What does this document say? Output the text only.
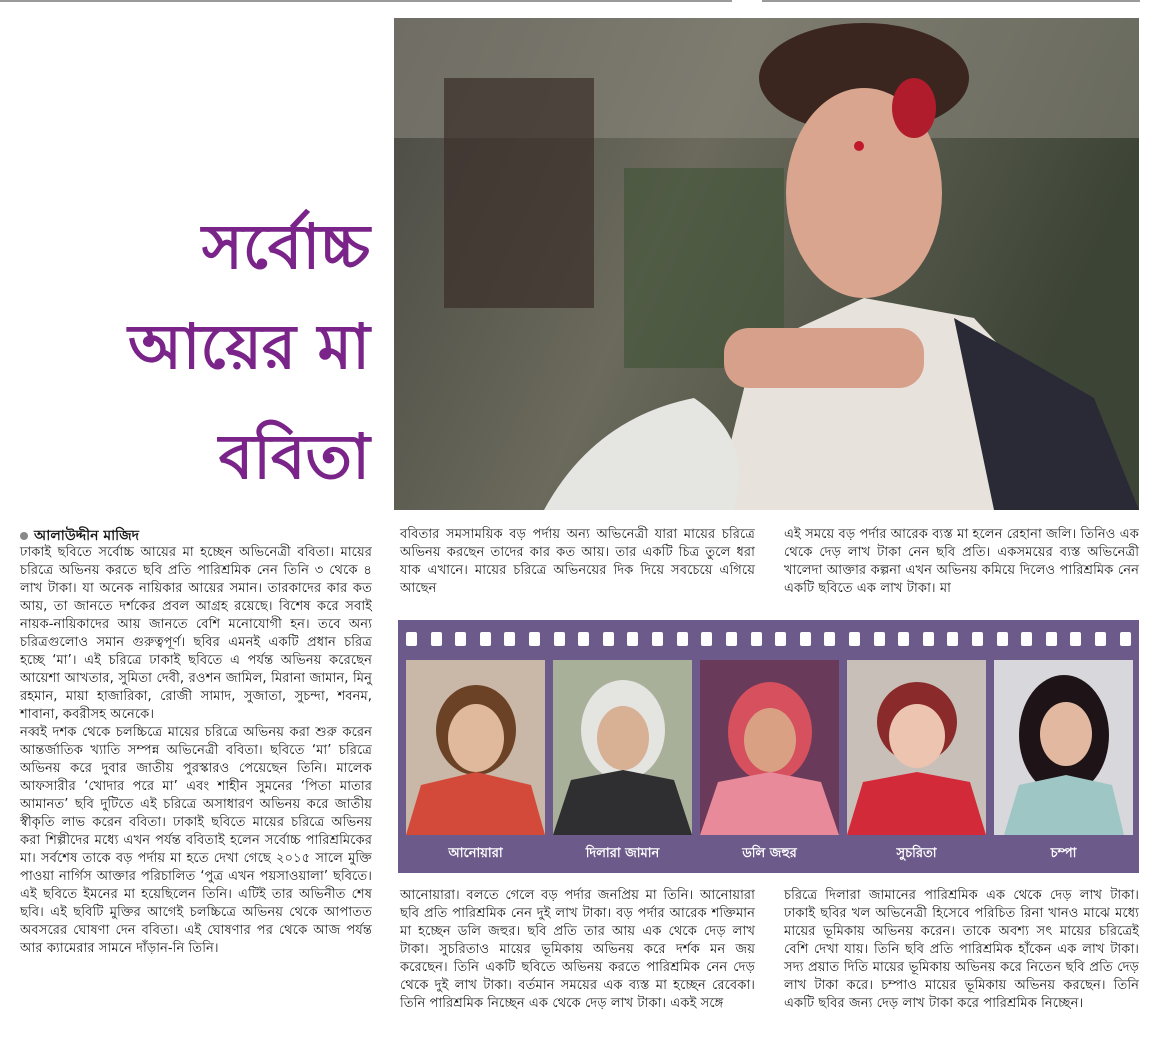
সর্বোচ্চ
আয়ের মা
ববিতা
আলাউদ্দীন মাজিদ

ঢাকাই ছবিতে সর্বোচ্চ আয়ের মা হচ্ছেন অভিনেত্রী ববিতা। মায়ের চরিত্রে অভিনয় করতে ছবি প্রতি পারিশ্রমিক নেন তিনি ৩ থেকে ৪ লাখ টাকা। যা অনেক নায়িকার আয়ের সমান। তারকাদের কার কত আয়, তা জানতে দর্শকের প্রবল আগ্রহ রয়েছে। বিশেষ করে সবাই নায়ক-নায়িকাদের আয় জানতে বেশি মনোযোগী হন। তবে অন্য চরিত্রগুলোও সমান গুরুত্বপূর্ণ। ছবির এমনই একটি প্রধান চরিত্র হচ্ছে ‘মা’। এই চরিত্রে ঢাকাই ছবিতে এ পর্যন্ত অভিনয় করেছেন আয়েশা আখতার, সুমিতা দেবী, রওশন জামিল, মিরানা জামান, মিনু রহমান, মায়া হাজারিকা, রোজী সামাদ, সুজাতা, সুচন্দা, শবনম, শাবানা, কবরীসহ অনেকে।

নব্বই দশক থেকে চলচ্চিত্রে মায়ের চরিত্রে অভিনয় করা শুরু করেন আন্তর্জাতিক খ্যাতি সম্পন্ন অভিনেত্রী ববিতা। ছবিতে ‘মা’ চরিত্রে অভিনয় করে দুবার জাতীয় পুরস্কারও পেয়েছেন তিনি। মালেক আফসারীর ‘খোদার পরে মা’ এবং শাহীন সুমনের ‘পিতা মাতার আমানত’ ছবি দুটিতে এই চরিত্রে অসাধারণ অভিনয় করে জাতীয় স্বীকৃতি লাভ করেন ববিতা। ঢাকাই ছবিতে মায়ের চরিত্রে অভিনয় করা শিল্পীদের মধ্যে এখন পর্যন্ত ববিতাই হলেন সর্বোচ্চ পারিশ্রমিকের মা। সর্বশেষ তাকে বড় পর্দায় মা হতে দেখা গেছে ২০১৫ সালে মুক্তি পাওয়া নার্গিস আক্তার পরিচালিত ‘পুত্র এখন পয়সাওয়ালা’ ছবিতে। এই ছবিতে ইমনের মা হয়েছিলেন তিনি। এটিই তার অভিনীত শেষ ছবি। এই ছবিটি মুক্তির আগেই চলচ্চিত্রে অভিনয় থেকে আপাতত অবসরের ঘোষণা দেন ববিতা। এই ঘোষণার পর থেকে আজ পর্যন্ত আর ক্যামেরার সামনে দাঁড়ান-নি তিনি।

ববিতার সমসাময়িক বড় পর্দায় অন্য অভিনেত্রী যারা মায়ের চরিত্রে অভিনয় করছেন তাদের কার কত আয়। তার একটি চিত্র তুলে ধরা যাক এখানে। মায়ের চরিত্রে অভিনয়ের দিক দিয়ে সবচেয়ে এগিয়ে আছেন
এই সময়ে বড় পর্দার আরেক ব্যস্ত মা হলেন রেহানা জলি। তিনিও এক থেকে দেড় লাখ টাকা নেন ছবি প্রতি। একসময়ের ব্যস্ত অভিনেত্রী খালেদা আক্তার কল্পনা এখন অভিনয় কমিয়ে দিলেও পারিশ্রমিক নেন একটি ছবিতে এক লাখ টাকা। মা
আনোয়ারা	দিলারা জামান	ডলি জহুর	সুচরিতা	চম্পা
আনোয়ারা। বলতে গেলে বড় পর্দার জনপ্রিয় মা তিনি। আনোয়ারা ছবি প্রতি পারিশ্রমিক নেন দুই লাখ টাকা। বড় পর্দার আরেক শক্তিমান মা হচ্ছেন ডলি জহুর। ছবি প্রতি তার আয় এক থেকে দেড় লাখ টাকা। সুচরিতাও মায়ের ভূমিকায় অভিনয় করে দর্শক মন জয় করেছেন। তিনি একটি ছবিতে অভিনয় করতে পারিশ্রমিক নেন দেড় থেকে দুই লাখ টাকা। বর্তমান সময়ের এক ব্যস্ত মা হচ্ছেন রেবেকা। তিনি পারিশ্রমিক নিচ্ছেন এক থেকে দেড় লাখ টাকা। একই সঙ্গে
চরিত্রে দিলারা জামানের পারিশ্রমিক এক থেকে দেড় লাখ টাকা। ঢাকাই ছবির খল অভিনেত্রী হিসেবে পরিচিত রিনা খানও মাঝে মধ্যে মায়ের ভূমিকায় অভিনয় করেন। তাকে অবশ্য সৎ মায়ের চরিত্রেই বেশি দেখা যায়। তিনি ছবি প্রতি পারিশ্রমিক হাঁকেন এক লাখ টাকা। সদ্য প্রয়াত দিতি মায়ের ভূমিকায় অভিনয় করে নিতেন ছবি প্রতি দেড় লাখ টাকা করে। চম্পাও মায়ের ভূমিকায় অভিনয় করছেন। তিনি একটি ছবির জন্য দেড় লাখ টাকা করে পারিশ্রমিক নিচ্ছেন।
